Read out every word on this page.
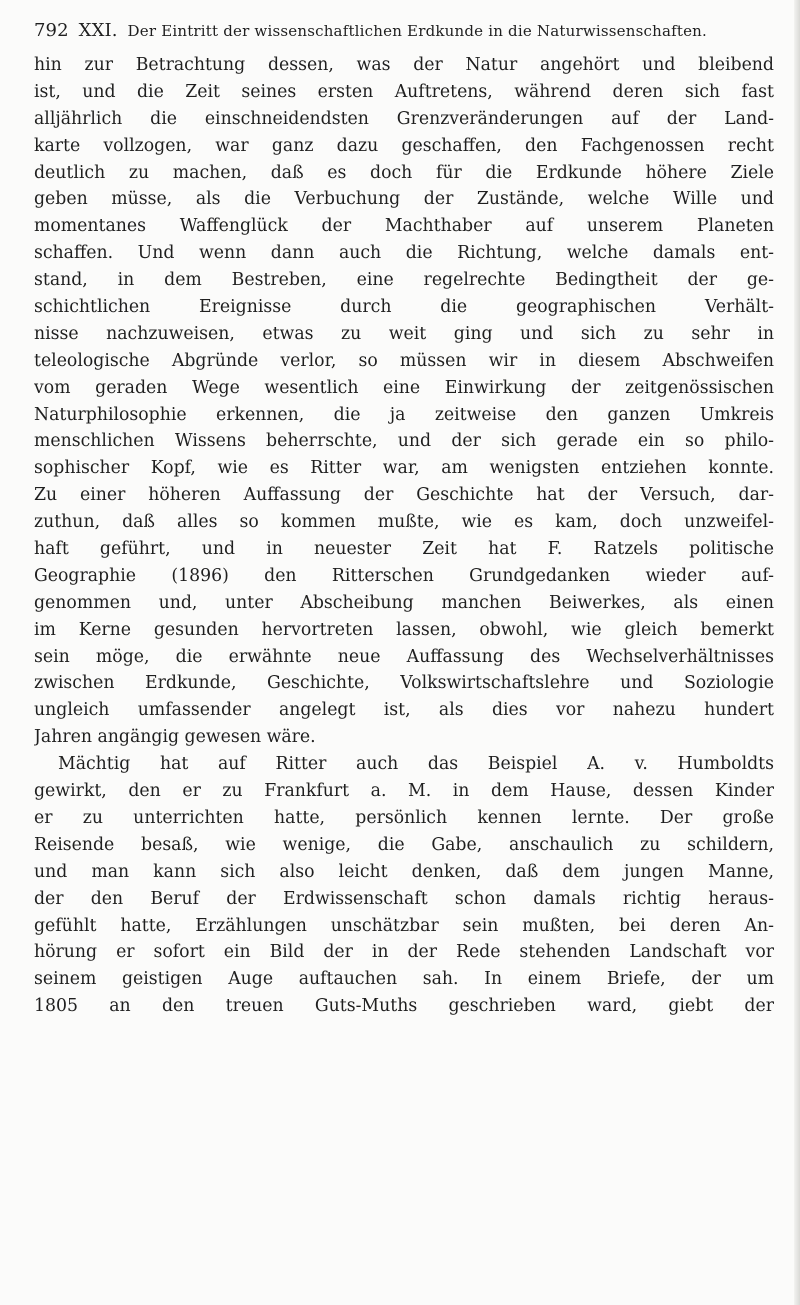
792 XXI. Der Eintritt der wissenschaftlichen Erdkunde in die Naturwissenschaften.
hin zur Betrachtung dessen, was der Natur angehört und bleibend
ist, und die Zeit seines ersten Auftretens, während deren sich fast
alljährlich die einschneidendsten Grenzveränderungen auf der Land-
karte vollzogen, war ganz dazu geschaffen, den Fachgenossen recht
deutlich zu machen, daß es doch für die Erdkunde höhere Ziele
geben müsse, als die Verbuchung der Zustände, welche Wille und
momentanes Waffenglück der Machthaber auf unserem Planeten
schaffen. Und wenn dann auch die Richtung, welche damals ent-
stand, in dem Bestreben, eine regelrechte Bedingtheit der ge-
schichtlichen Ereignisse durch die geographischen Verhält-
nisse nachzuweisen, etwas zu weit ging und sich zu sehr in
teleologische Abgründe verlor, so müssen wir in diesem Abschweifen
vom geraden Wege wesentlich eine Einwirkung der zeitgenössischen
Naturphilosophie erkennen, die ja zeitweise den ganzen Umkreis
menschlichen Wissens beherrschte, und der sich gerade ein so philo-
sophischer Kopf, wie es Ritter war, am wenigsten entziehen konnte.
Zu einer höheren Auffassung der Geschichte hat der Versuch, dar-
zuthun, daß alles so kommen mußte, wie es kam, doch unzweifel-
haft geführt, und in neuester Zeit hat F. Ratzels politische
Geographie (1896) den Ritterschen Grundgedanken wieder auf-
genommen und, unter Abscheibung manchen Beiwerkes, als einen
im Kerne gesunden hervortreten lassen, obwohl, wie gleich bemerkt
sein möge, die erwähnte neue Auffassung des Wechselverhältnisses
zwischen Erdkunde, Geschichte, Volkswirtschaftslehre und Soziologie
ungleich umfassender angelegt ist, als dies vor nahezu hundert
Jahren angängig gewesen wäre.
Mächtig hat auf Ritter auch das Beispiel A. v. Humboldts
gewirkt, den er zu Frankfurt a. M. in dem Hause, dessen Kinder
er zu unterrichten hatte, persönlich kennen lernte. Der große
Reisende besaß, wie wenige, die Gabe, anschaulich zu schildern,
und man kann sich also leicht denken, daß dem jungen Manne,
der den Beruf der Erdwissenschaft schon damals richtig heraus-
gefühlt hatte, Erzählungen unschätzbar sein mußten, bei deren An-
hörung er sofort ein Bild der in der Rede stehenden Landschaft vor
seinem geistigen Auge auftauchen sah. In einem Briefe, der um
1805 an den treuen Guts-Muths geschrieben ward, giebt der
